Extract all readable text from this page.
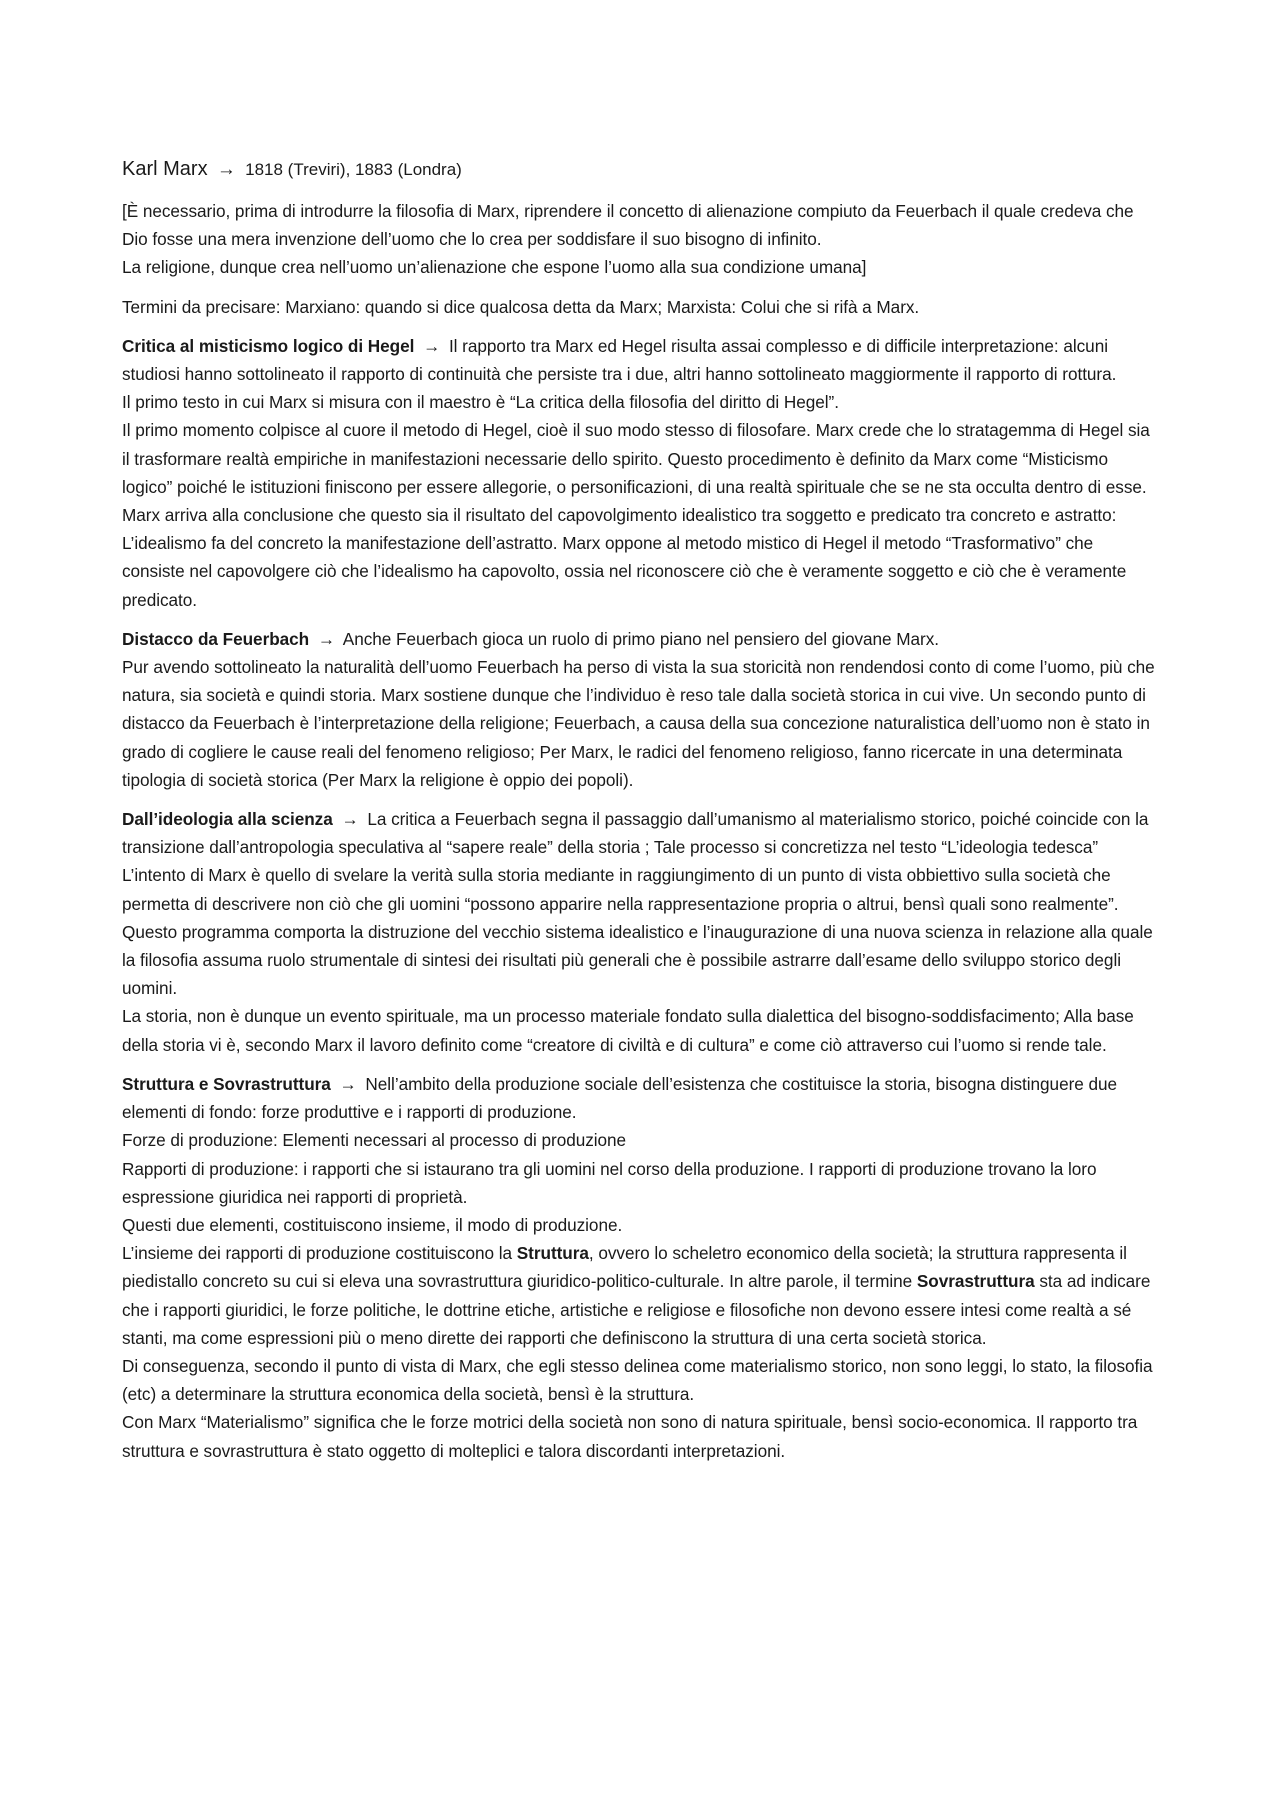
Karl Marx → 1818 (Treviri), 1883 (Londra)

[È necessario, prima di introdurre la filosofia di Marx, riprendere il concetto di alienazione compiuto da Feuerbach il quale credeva che Dio fosse una mera invenzione dell’uomo che lo crea per soddisfare il suo bisogno di infinito.
La religione, dunque crea nell’uomo un’alienazione che espone l’uomo alla sua condizione umana]

Termini da precisare: Marxiano: quando si dice qualcosa detta da Marx; Marxista: Colui che si rifà a Marx.

Critica al misticismo logico di Hegel → Il rapporto tra Marx ed Hegel risulta assai complesso e di difficile interpretazione: alcuni studiosi hanno sottolineato il rapporto di continuità che persiste tra i due, altri hanno sottolineato maggiormente il rapporto di rottura.
Il primo testo in cui Marx si misura con il maestro è “La critica della filosofia del diritto di Hegel”.
Il primo momento colpisce al cuore il metodo di Hegel, cioè il suo modo stesso di filosofare. Marx crede che lo stratagemma di Hegel sia il trasformare realtà empiriche in manifestazioni necessarie dello spirito. Questo procedimento è definito da Marx come “Misticismo logico” poiché le istituzioni finiscono per essere allegorie, o personificazioni, di una realtà spirituale che se ne sta occulta dentro di esse. Marx arriva alla conclusione che questo sia il risultato del capovolgimento idealistico tra soggetto e predicato tra concreto e astratto: L’idealismo fa del concreto la manifestazione dell’astratto. Marx oppone al metodo mistico di Hegel il metodo “Trasformativo” che consiste nel capovolgere ciò che l’idealismo ha capovolto, ossia nel riconoscere ciò che è veramente soggetto e ciò che è veramente predicato.

Distacco da Feuerbach → Anche Feuerbach gioca un ruolo di primo piano nel pensiero del giovane Marx.
Pur avendo sottolineato la naturalità dell’uomo Feuerbach ha perso di vista la sua storicità non rendendosi conto di come l’uomo, più che natura, sia società e quindi storia. Marx sostiene dunque che l’individuo è reso tale dalla società storica in cui vive. Un secondo punto di distacco da Feuerbach è l’interpretazione della religione; Feuerbach, a causa della sua concezione naturalistica dell’uomo non è stato in grado di cogliere le cause reali del fenomeno religioso; Per Marx, le radici del fenomeno religioso, fanno ricercate in una determinata tipologia di società storica (Per Marx la religione è oppio dei popoli).

Dall’ideologia alla scienza → La critica a Feuerbach segna il passaggio dall’umanismo al materialismo storico, poiché coincide con la transizione dall’antropologia speculativa al “sapere reale” della storia ; Tale processo si concretizza nel testo “L’ideologia tedesca”
L’intento di Marx è quello di svelare la verità sulla storia mediante in raggiungimento di un punto di vista obbiettivo sulla società che permetta di descrivere non ciò che gli uomini “possono apparire nella rappresentazione propria o altrui, bensì quali sono realmente”. Questo programma comporta la distruzione del vecchio sistema idealistico e l’inaugurazione di una nuova scienza in relazione alla quale la filosofia assuma ruolo strumentale di sintesi dei risultati più generali che è possibile astrarre dall’esame dello sviluppo storico degli uomini.
La storia, non è dunque un evento spirituale, ma un processo materiale fondato sulla dialettica del bisogno-soddisfacimento; Alla base della storia vi è, secondo Marx il lavoro definito come “creatore di civiltà e di cultura” e come ciò attraverso cui l’uomo si rende tale.

Struttura e Sovrastruttura → Nell’ambito della produzione sociale dell’esistenza che costituisce la storia, bisogna distinguere due elementi di fondo: forze produttive e i rapporti di produzione.
Forze di produzione: Elementi necessari al processo di produzione
Rapporti di produzione: i rapporti che si istaurano tra gli uomini nel corso della produzione. I rapporti di produzione trovano la loro espressione giuridica nei rapporti di proprietà.
Questi due elementi, costituiscono insieme, il modo di produzione.
L’insieme dei rapporti di produzione costituiscono la Struttura, ovvero lo scheletro economico della società; la struttura rappresenta il piedistallo concreto su cui si eleva una sovrastruttura giuridico-politico-culturale. In altre parole, il termine Sovrastruttura sta ad indicare che i rapporti giuridici, le forze politiche, le dottrine etiche, artistiche e religiose e filosofiche non devono essere intesi come realtà a sé stanti, ma come espressioni più o meno dirette dei rapporti che definiscono la struttura di una certa società storica.
Di conseguenza, secondo il punto di vista di Marx, che egli stesso delinea come materialismo storico, non sono leggi, lo stato, la filosofia (etc) a determinare la struttura economica della società, bensì è la struttura.
Con Marx “Materialismo” significa che le forze motrici della società non sono di natura spirituale, bensì socio-economica. Il rapporto tra struttura e sovrastruttura è stato oggetto di molteplici e talora discordanti interpretazioni.
